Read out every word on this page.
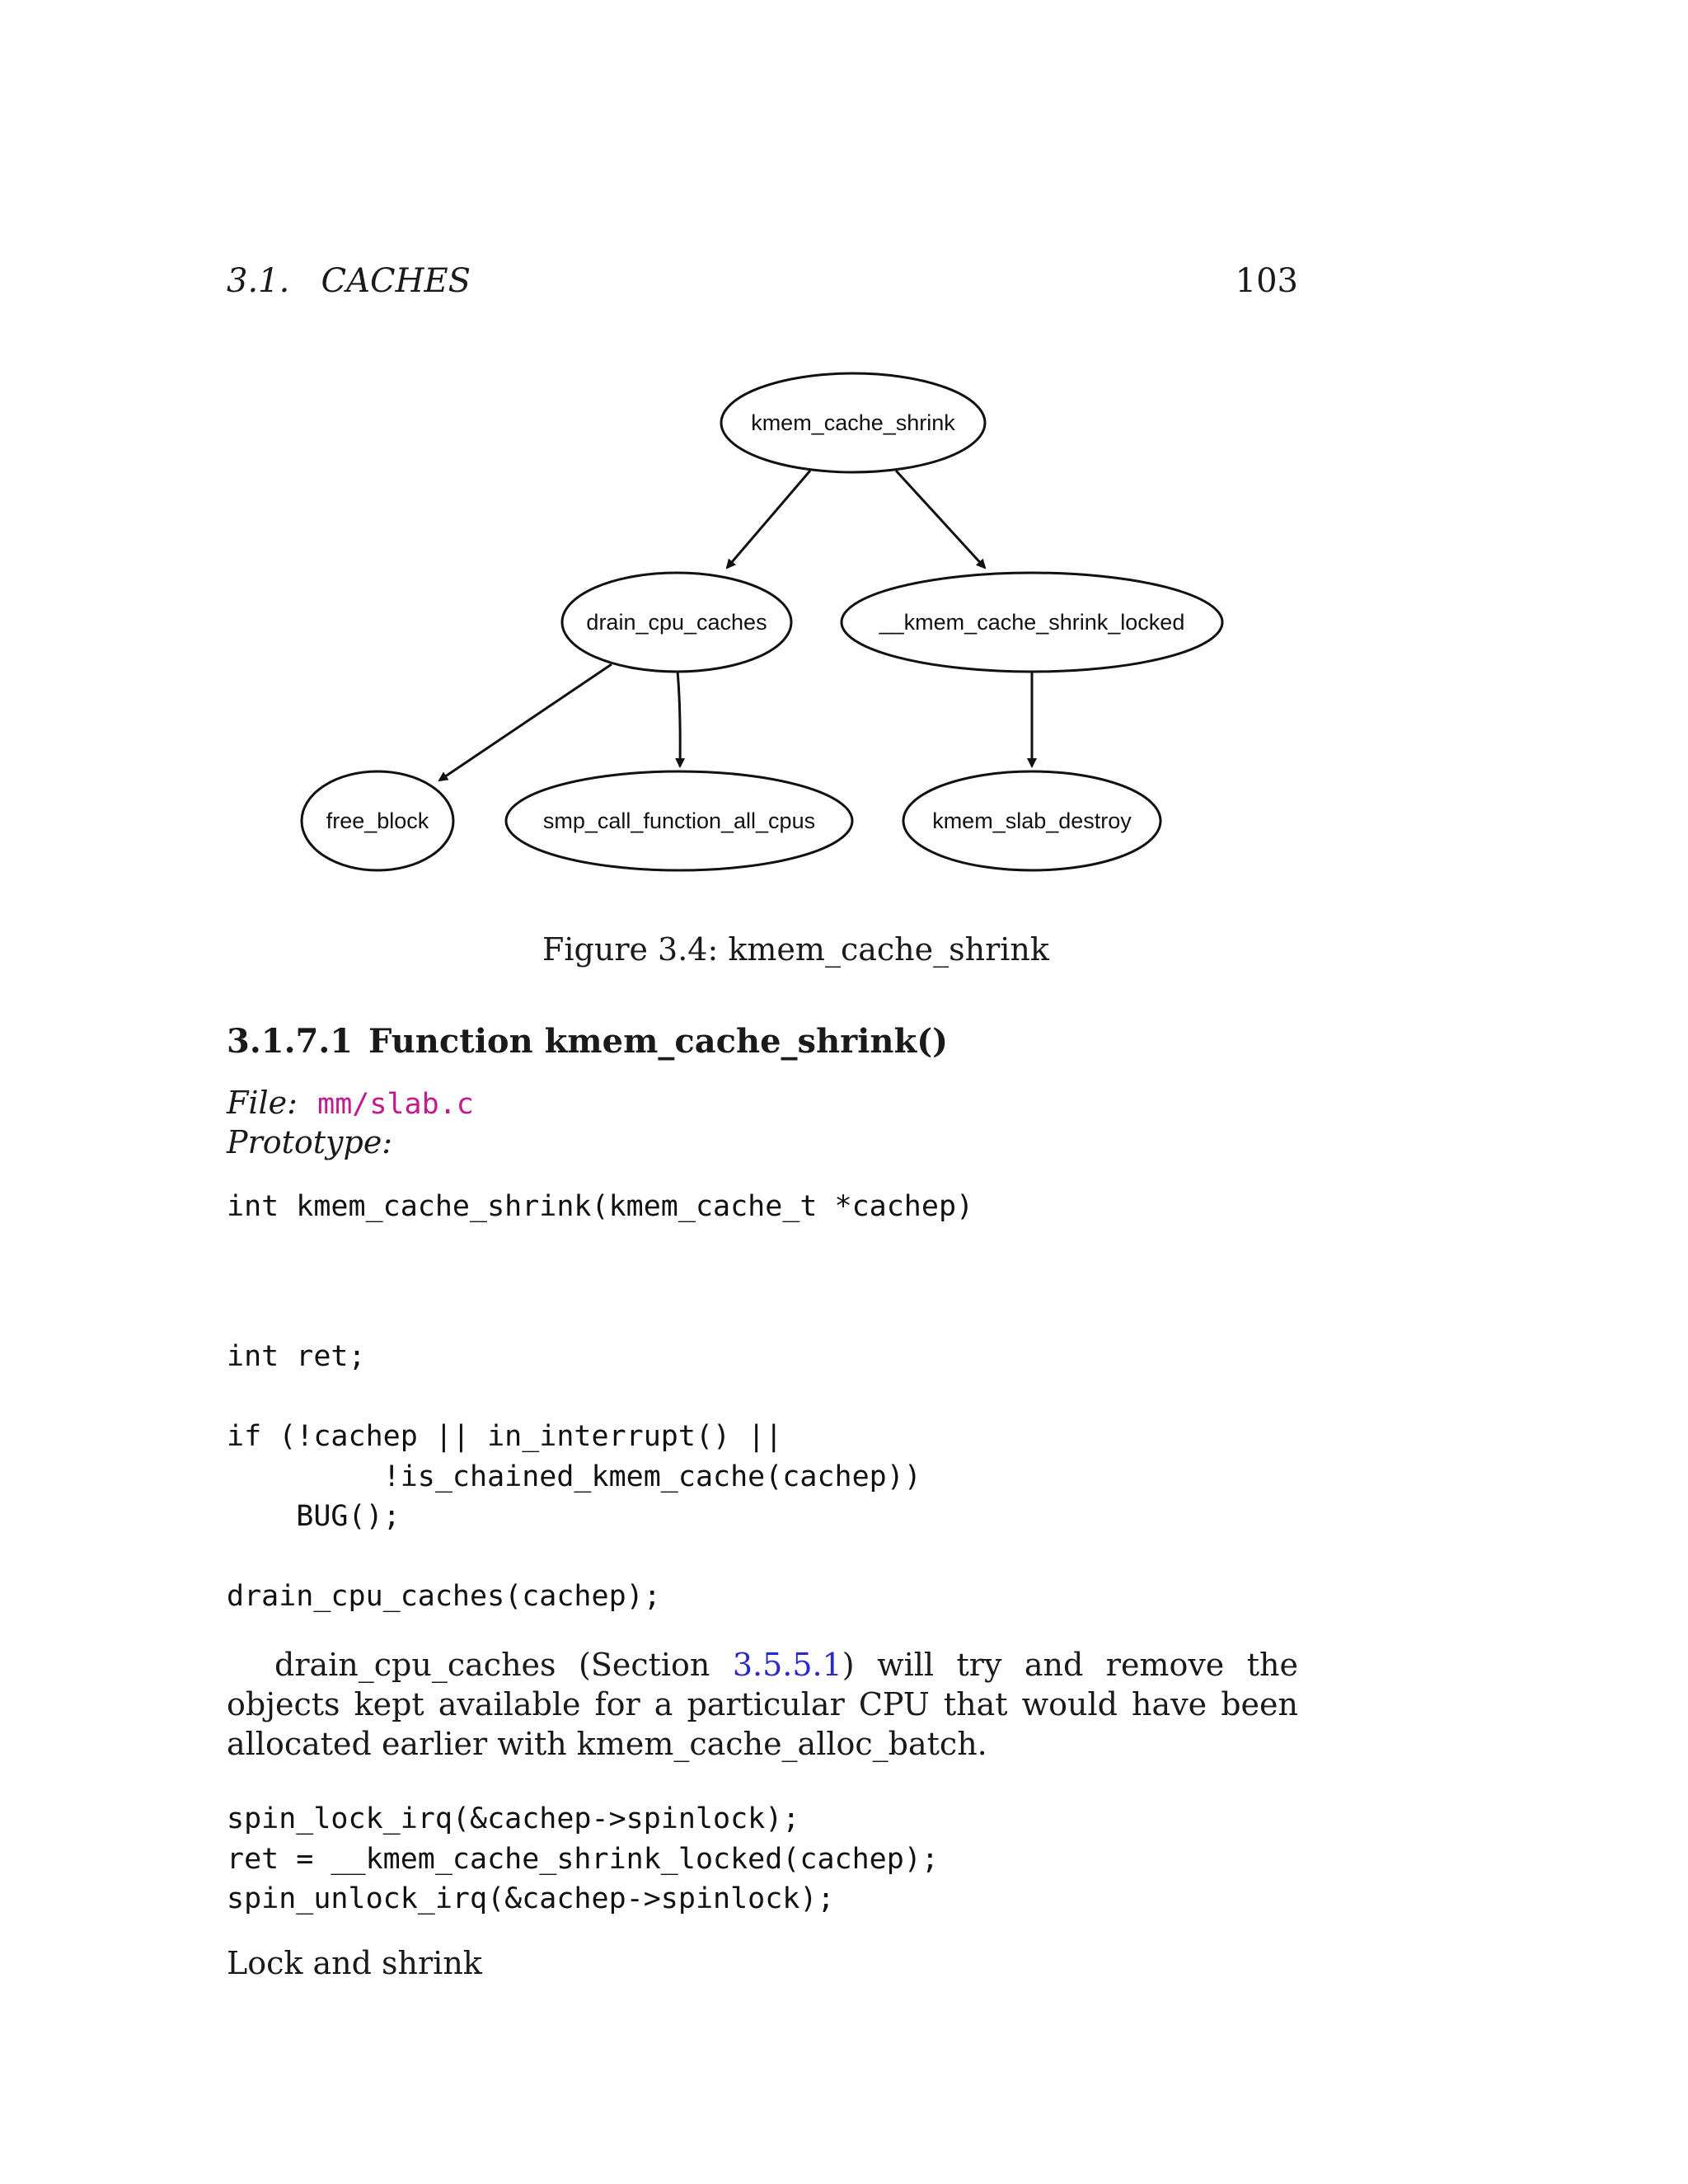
3.1.   CACHES	103
kmem_cache_shrink
drain_cpu_caches	__kmem_cache_shrink_locked
free_block	smp_call_function_all_cpus	kmem_slab_destroy
Figure 3.4: kmem_cache_shrink
3.1.7.1 Function kmem_cache_shrink()
File: mm/slab.c
Prototype:
int kmem_cache_shrink(kmem_cache_t *cachep)
int ret;
if (!cachep || in_interrupt() ||
!is_chained_kmem_cache(cachep))
BUG();
drain_cpu_caches(cachep);
drain_cpu_caches (Section 3.5.5.1) will try and remove the objects kept available for a particular CPU that would have been allocated earlier with kmem_cache_alloc_batch.
spin_lock_irq(&cachep->spinlock);
ret = __kmem_cache_shrink_locked(cachep);
spin_unlock_irq(&cachep->spinlock);
Lock and shrink
